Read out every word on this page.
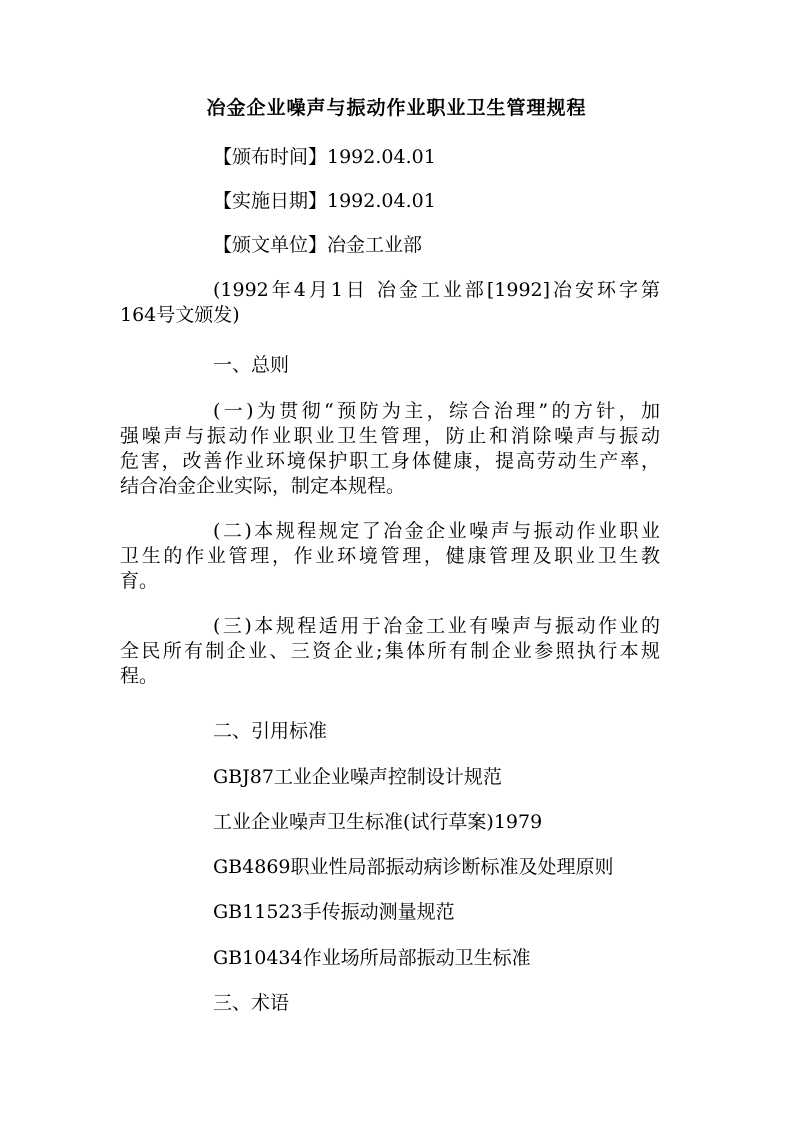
冶金企业噪声与振动作业职业卫生管理规程
【颁布时间】1992.04.01
【实施日期】1992.04.01
【颁文单位】冶金工业部
(1992年4月1日 冶金工业部[1992]冶安环字第
164号文颁发)
一、总则
(一)为贯彻“预防为主，综合治理”的方针，加
强噪声与振动作业职业卫生管理，防止和消除噪声与振动
危害，改善作业环境保护职工身体健康，提高劳动生产率，
结合冶金企业实际，制定本规程。
(二)本规程规定了冶金企业噪声与振动作业职业
卫生的作业管理，作业环境管理，健康管理及职业卫生教
育。
(三)本规程适用于冶金工业有噪声与振动作业的
全民所有制企业、三资企业;集体所有制企业参照执行本规
程。
二、引用标准
GBJ87工业企业噪声控制设计规范
工业企业噪声卫生标准(试行草案)1979
GB4869职业性局部振动病诊断标准及处理原则
GB11523手传振动测量规范
GB10434作业场所局部振动卫生标准
三、术语
